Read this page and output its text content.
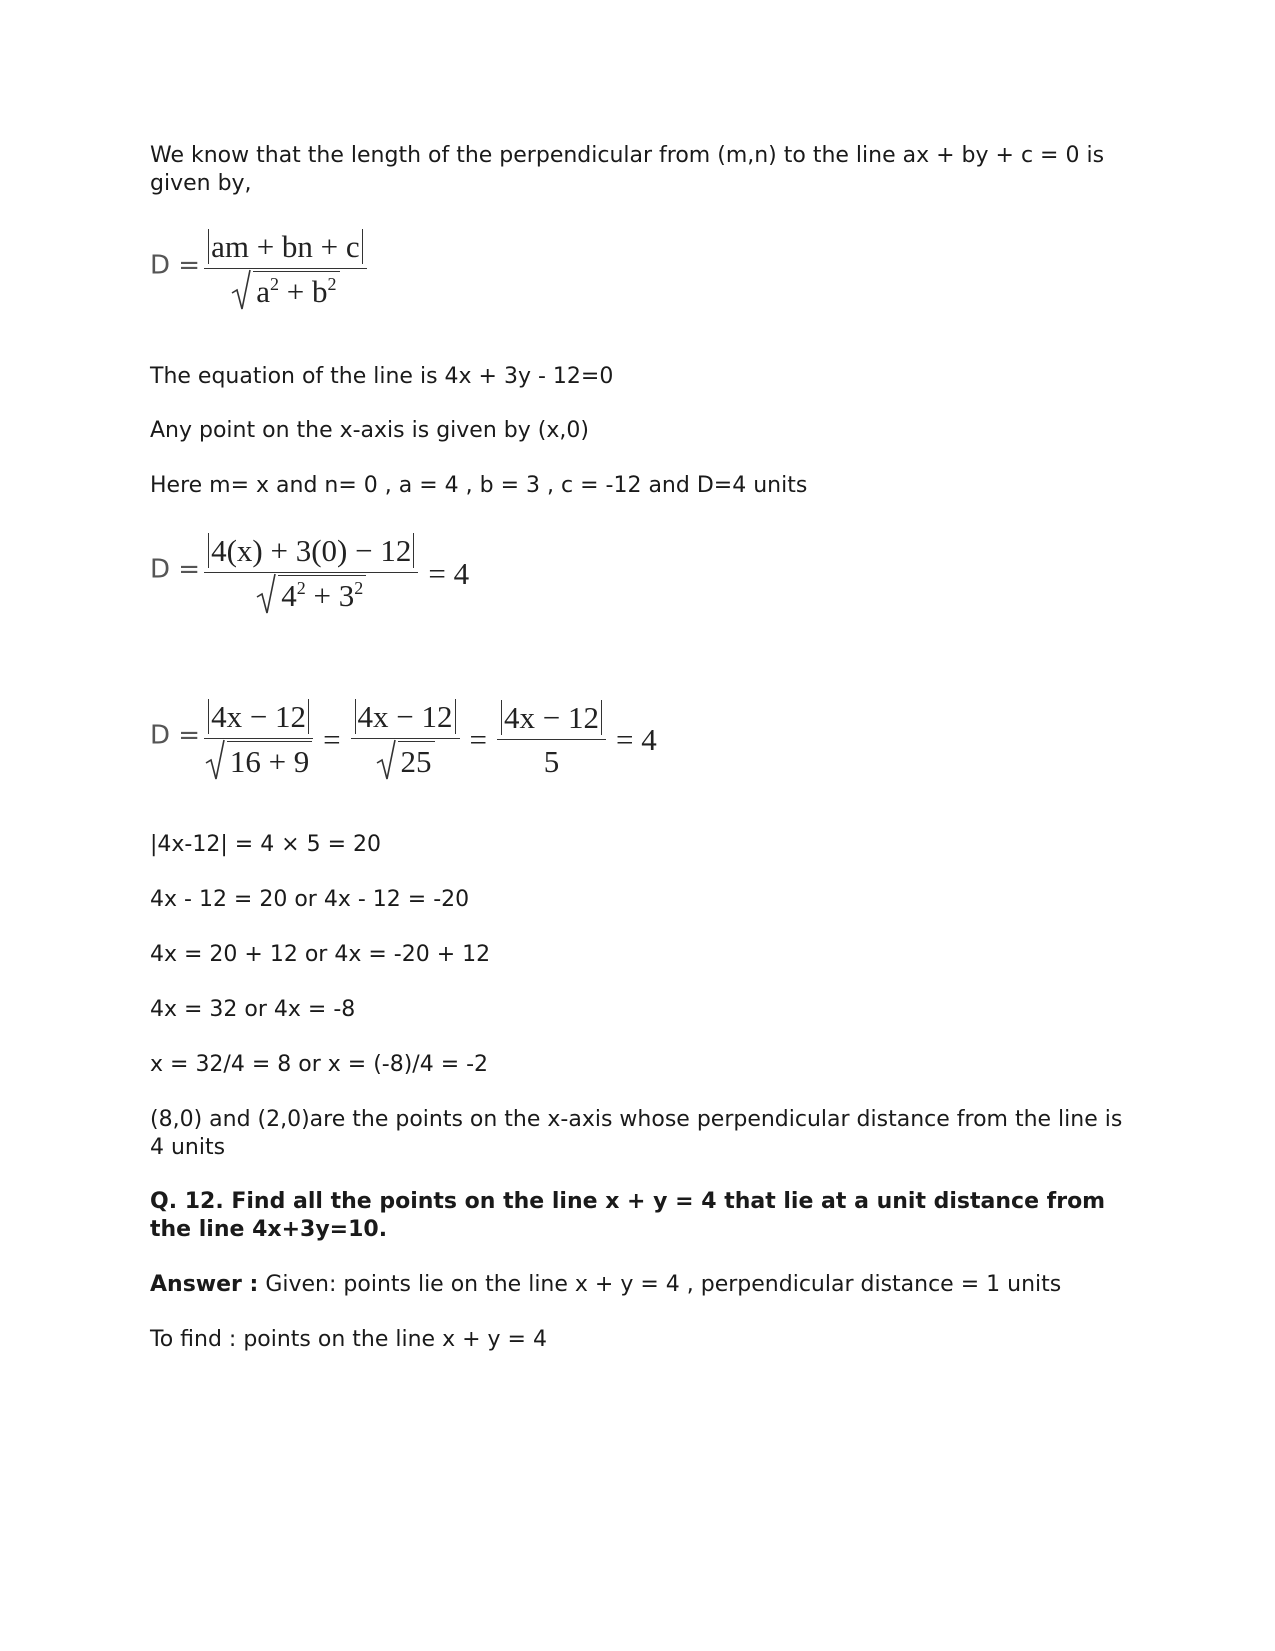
We know that the length of the perpendicular from (m,n) to the line ax + by + c = 0 is given by,

$D = \frac{am + bn + c}{a^2 + b^2}$

The equation of the line is 4x + 3y - 12=0

Any point on the x-axis is given by (x,0)

Here m= x and n= 0 , a = 4 , b = 3 , c = -12 and D=4 units

$D = \frac{4(x) + 3(0) - 12}{4^2 + 3^2} = 4$
$D = \frac{4x - 12}{16 + 9} = \frac{4x - 12}{25} = \frac{4x - 12}{5} = 4$

|4x-12| = 4 × 5 = 20

4x - 12 = 20 or 4x - 12 = -20

4x = 20 + 12 or 4x = -20 + 12

4x = 32 or 4x = -8

x = 32/4 = 8 or x = (-8)/4 = -2

(8,0) and (2,0)are the points on the x-axis whose perpendicular distance from the line is 4 units

Q. 12. Find all the points on the line x + y = 4 that lie at a unit distance from the line 4x+3y=10.

Answer : Given: points lie on the line x + y = 4 , perpendicular distance = 1 units

To find : points on the line x + y = 4
